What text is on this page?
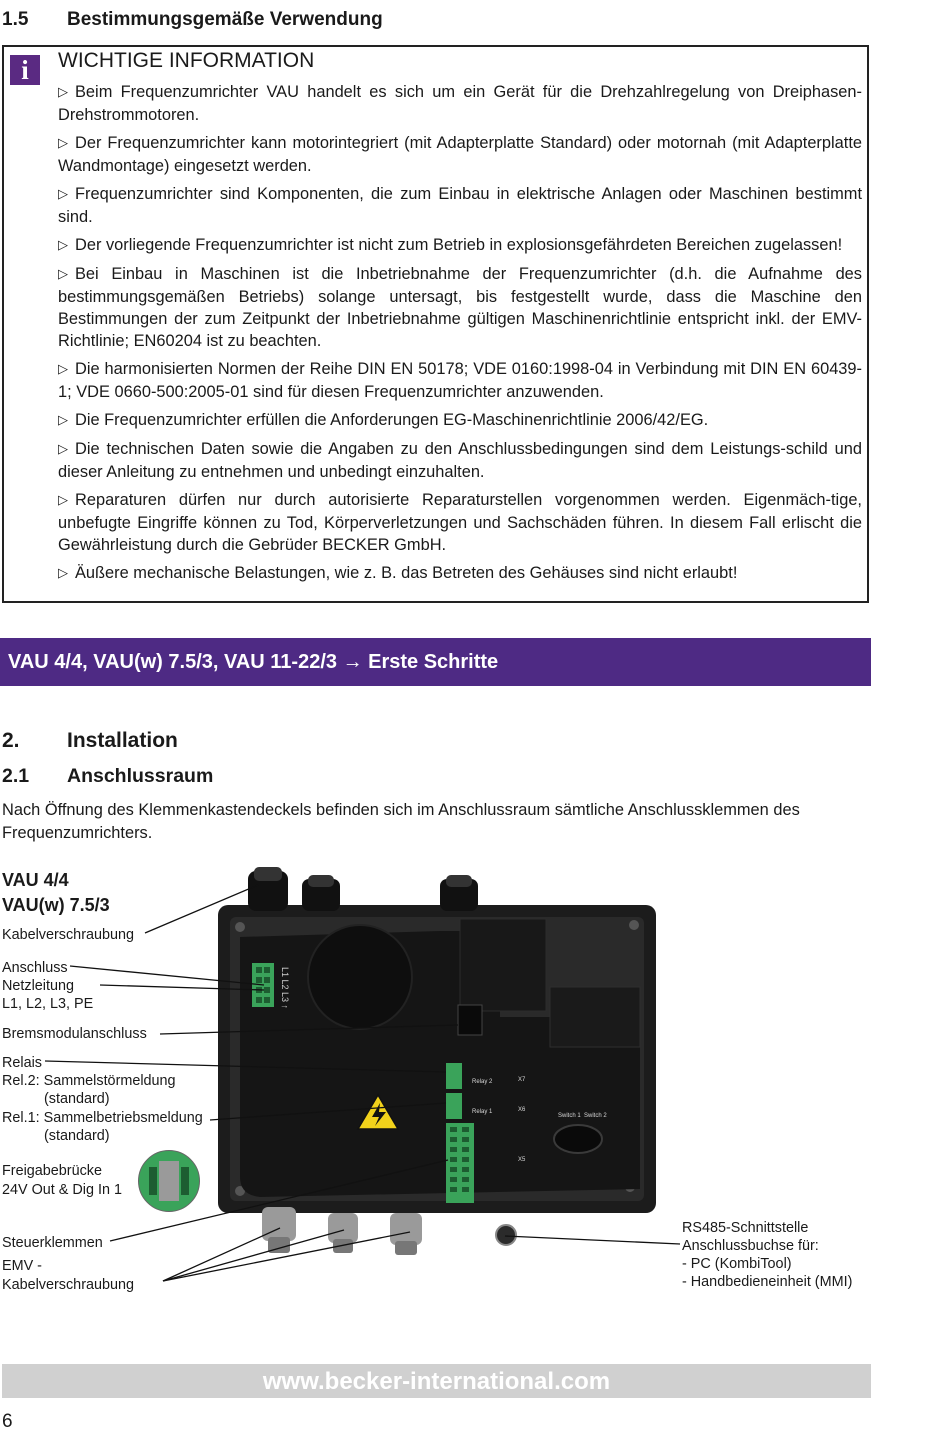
1.5 Bestimmungsgemäße Verwendung
i	WICHTIGE INFORMATION
▷ Beim Frequenzumrichter VAU handelt es sich um ein Gerät für die Drehzahlregelung von Dreiphasen-Drehstrommotoren.
▷ Der Frequenzumrichter kann motorintegriert (mit Adapterplatte Standard) oder motornah (mit Adapterplatte Wandmontage) eingesetzt werden.
▷ Frequenzumrichter sind Komponenten, die zum Einbau in elektrische Anlagen oder Maschinen bestimmt sind.
▷ Der vorliegende Frequenzumrichter ist nicht zum Betrieb in explosionsgefährdeten Bereichen zugelassen!
▷ Bei Einbau in Maschinen ist die Inbetriebnahme der Frequenzumrichter (d.h. die Aufnahme des bestimmungsgemäßen Betriebs) solange untersagt, bis festgestellt wurde, dass die Maschine den Bestimmungen der zum Zeitpunkt der Inbetriebnahme gültigen Maschinenrichtlinie entspricht inkl. der EMV-Richtlinie; EN60204 ist zu beachten.
▷ Die harmonisierten Normen der Reihe DIN EN 50178; VDE 0160:1998-04 in Verbindung mit DIN EN 60439-1; VDE 0660-500:2005-01 sind für diesen Frequenzumrichter anzuwenden.
▷ Die Frequenzumrichter erfüllen die Anforderungen EG-Maschinenrichtlinie 2006/42/EG.
▷ Die technischen Daten sowie die Angaben zu den Anschlussbedingungen sind dem Leistungs-schild und dieser Anleitung zu entnehmen und unbedingt einzuhalten.
▷ Reparaturen dürfen nur durch autorisierte Reparaturstellen vorgenommen werden. Eigenmäch-tige, unbefugte Eingriffe können zu Tod, Körperverletzungen und Sachschäden führen. In diesem Fall erlischt die Gewährleistung durch die Gebrüder BECKER GmbH.
▷ Äußere mechanische Belastungen, wie z. B. das Betreten des Gehäuses sind nicht erlaubt!
VAU 4/4, VAU(w) 7.5/3, VAU 11-22/3 → Erste Schritte
2. Installation
2.1 Anschlussraum
Nach Öffnung des Klemmenkastendeckels befinden sich im Anschlussraum sämtliche Anschlussklemmen des Frequenzumrichters.
VAU 4/4
VAU(w) 7.5/3
Kabelverschraubung
Anschluss
Netzleitung
L1, L2, L3, PE
Bremsmodulanschluss
Relais
Rel.2: Sammelstörmeldung
(standard)
Rel.1: Sammelbetriebsmeldung
(standard)
Freigabebrücke
24V Out & Dig In 1
Steuerklemmen
EMV -
Kabelverschraubung
RS485-Schnittstelle
Anschlussbuchse für:
- PC (KombiTool)
- Handbedieneinheit (MMI)
L1 L2 L3 ↑
Relay 2
Relay 1
X7
X6
X5
Switch 1 Switch 2
www.becker-international.com
6
